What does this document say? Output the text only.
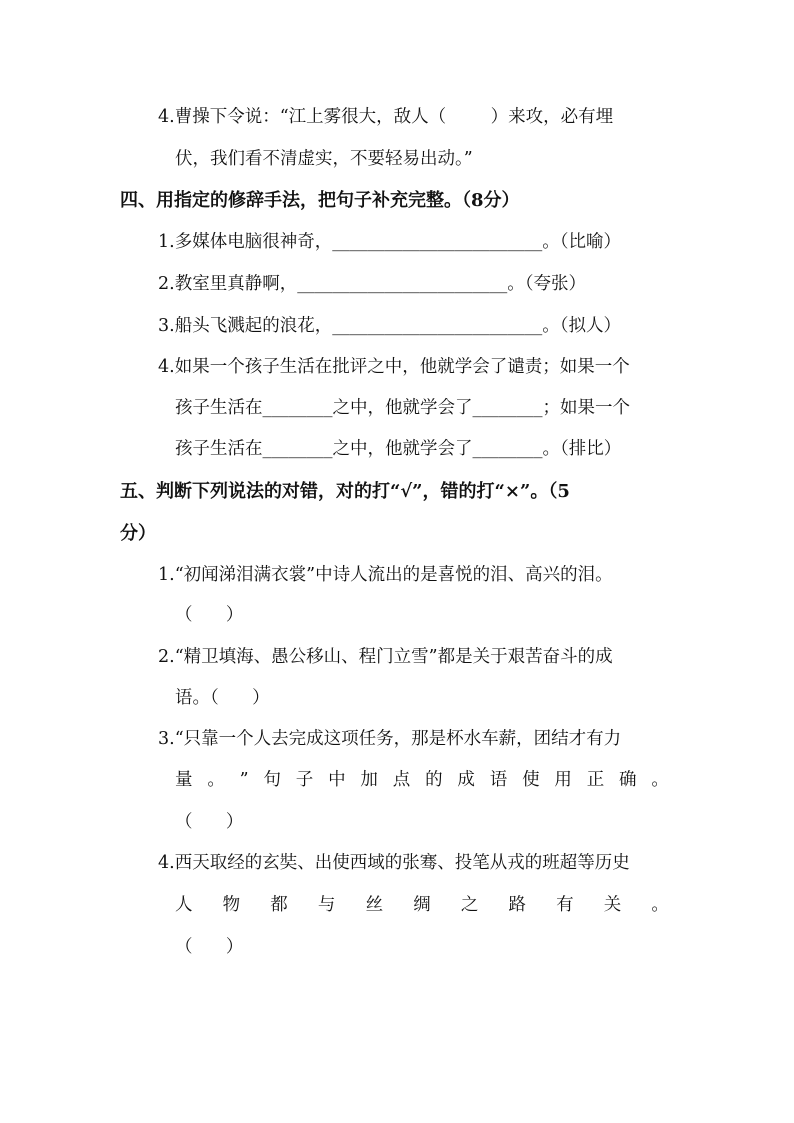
4.曹操下令说：“江上雾很大，敌人（        ）来攻，必有埋
伏，我们看不清虚实，不要轻易出动。”
四、用指定的修辞手法，把句子补充完整。（8分）
1.多媒体电脑很神奇，________________________。（比喻）
2.教室里真静啊，________________________。（夸张）
3.船头飞溅起的浪花，________________________。（拟人）
4.如果一个孩子生活在批评之中，他就学会了谴责；如果一个
孩子生活在________之中，他就学会了________；如果一个
孩子生活在________之中，他就学会了________。（排比）
五、判断下列说法的对错，对的打“√”，错的打“×”。（5
分）
1.“初闻涕泪满衣裳”中诗人流出的是喜悦的泪、高兴的泪。
（      ）
2.“精卫填海、愚公移山、程门立雪”都是关于艰苦奋斗的成
语。（      ）
3.“只靠一个人去完成这项任务，那是杯水车薪，团结才有力
量 。 ” 句 子 中 加 点 的 成 语 使 用 正 确 。
（      ）
4.西天取经的玄奘、出使西域的张骞、投笔从戎的班超等历史
人 物 都 与 丝 绸 之 路 有 关 。
（      ）
